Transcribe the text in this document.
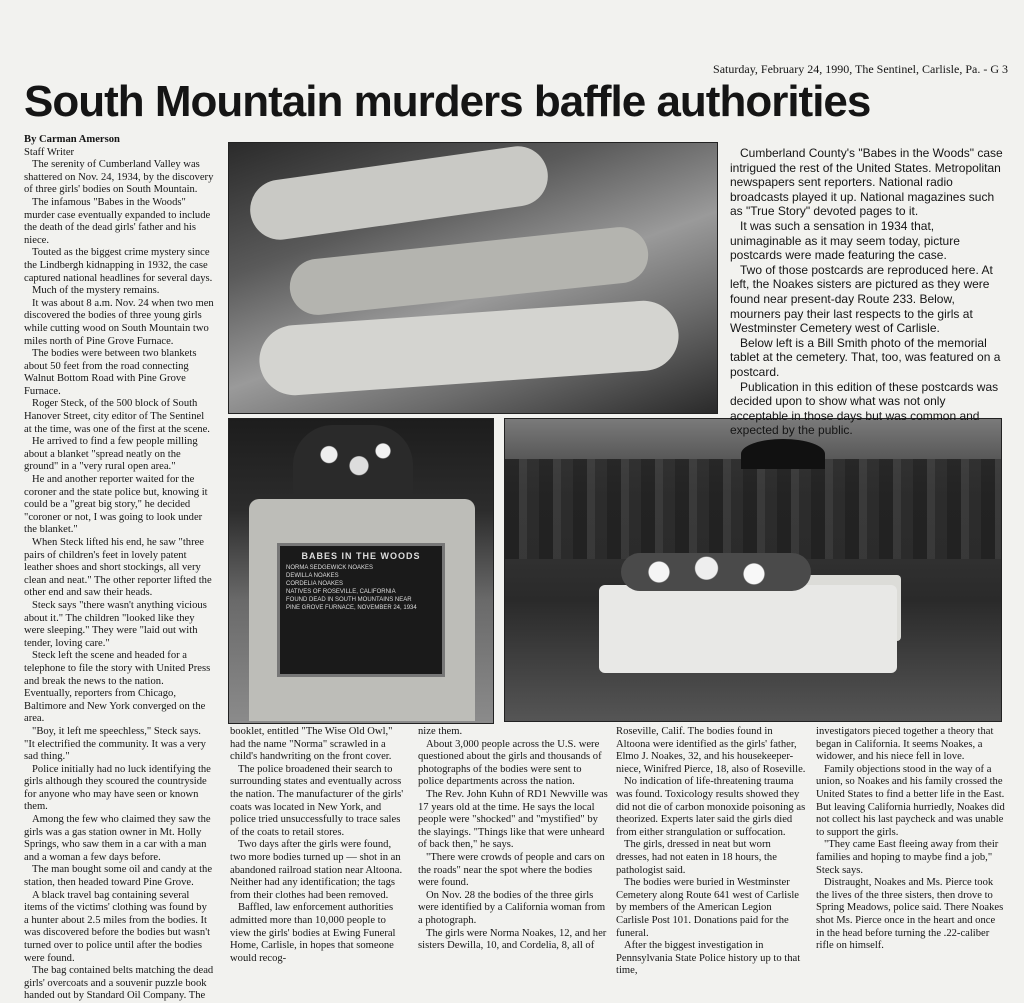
Saturday, February 24, 1990, The Sentinel, Carlisle, Pa. - G 3
South Mountain murders baffle authorities

By Carman Amerson

Staff Writer

The serenity of Cumberland Valley was shattered on Nov. 24, 1934, by the discovery of three girls' bodies on South Mountain.

The infamous "Babes in the Woods" murder case eventually expanded to include the death of the dead girls' father and his niece.

Touted as the biggest crime mystery since the Lindbergh kidnapping in 1932, the case captured national headlines for several days.

Much of the mystery remains.

It was about 8 a.m. Nov. 24 when two men discovered the bodies of three young girls while cutting wood on South Mountain two miles north of Pine Grove Furnace.

The bodies were between two blankets about 50 feet from the road connecting Walnut Bottom Road with Pine Grove Furnace.

Roger Steck, of the 500 block of South Hanover Street, city editor of The Sentinel at the time, was one of the first at the scene.

He arrived to find a few people milling about a blanket "spread neatly on the ground" in a "very rural open area."

He and another reporter waited for the coroner and the state police but, knowing it could be a "great big story," he decided "coroner or not, I was going to look under the blanket."

When Steck lifted his end, he saw "three pairs of children's feet in lovely patent leather shoes and short stockings, all very clean and neat." The other reporter lifted the other end and saw their heads.

Steck says "there wasn't anything vicious about it." The children "looked like they were sleeping." They were "laid out with tender, loving care."

Steck left the scene and headed for a telephone to file the story with United Press and break the news to the nation. Eventually, reporters from Chicago, Baltimore and New York converged on the area.

"Boy, it left me speechless," Steck says. "It electrified the community. It was a very sad thing."

Police initially had no luck identifying the girls although they scoured the countryside for anyone who may have seen or known them.

Among the few who claimed they saw the girls was a gas station owner in Mt. Holly Springs, who saw them in a car with a man and a woman a few days before.

The man bought some oil and candy at the station, then headed toward Pine Grove.

A black travel bag containing several items of the victims' clothing was found by a hunter about 2.5 miles from the bodies. It was discovered before the bodies but wasn't turned over to police until after the bodies were found.

The bag contained belts matching the dead girls' overcoats and a souvenir puzzle book handed out by Standard Oil Company. The

BABES IN THE WOODS
NORMA SEDGEWICK NOAKES
DEWILLA NOAKES
CORDELIA NOAKES
NATIVES OF ROSEVILLE, CALIFORNIA
FOUND DEAD IN SOUTH MOUNTAINS NEAR
PINE GROVE FURNACE, NOVEMBER 24, 1934

Cumberland County's "Babes in the Woods" case intrigued the rest of the United States. Metropolitan newspapers sent reporters. National radio broadcasts played it up. National magazines such as "True Story" devoted pages to it.

It was such a sensation in 1934 that, unimaginable as it may seem today, picture postcards were made featuring the case.

Two of those postcards are reproduced here. At left, the Noakes sisters are pictured as they were found near present-day Route 233. Below, mourners pay their last respects to the girls at Westminster Cemetery west of Carlisle.

Below left is a Bill Smith photo of the memorial tablet at the cemetery. That, too, was featured on a postcard.

Publication in this edition of these postcards was decided upon to show what was not only acceptable in those days but was common and expected by the public.

booklet, entitled "The Wise Old Owl," had the name "Norma" scrawled in a child's handwriting on the front cover.

The police broadened their search to surrounding states and eventually across the nation. The manufacturer of the girls' coats was located in New York, and police tried unsuccessfully to trace sales of the coats to retail stores.

Two days after the girls were found, two more bodies turned up — shot in an abandoned railroad station near Altoona. Neither had any identification; the tags from their clothes had been removed.

Baffled, law enforcement authorities admitted more than 10,000 people to view the girls' bodies at Ewing Funeral Home, Carlisle, in hopes that someone would recog-

nize them.

About 3,000 people across the U.S. were questioned about the girls and thousands of photographs of the bodies were sent to police departments across the nation.

The Rev. John Kuhn of RD1 Newville was 17 years old at the time. He says the local people were "shocked" and "mystified" by the slayings. "Things like that were unheard of back then," he says.

"There were crowds of people and cars on the roads" near the spot where the bodies were found.

On Nov. 28 the bodies of the three girls were identified by a California woman from a photograph.

The girls were Norma Noakes, 12, and her sisters Dewilla, 10, and Cordelia, 8, all of

Roseville, Calif. The bodies found in Altoona were identified as the girls' father, Elmo J. Noakes, 32, and his housekeeper-niece, Winifred Pierce, 18, also of Roseville.

No indication of life-threatening trauma was found. Toxicology results showed they did not die of carbon monoxide poisoning as theorized. Experts later said the girls died from either strangulation or suffocation.

The girls, dressed in neat but worn dresses, had not eaten in 18 hours, the pathologist said.

The bodies were buried in Westminster Cemetery along Route 641 west of Carlisle by members of the American Legion Carlisle Post 101. Donations paid for the funeral.

After the biggest investigation in Pennsylvania State Police history up to that time,

investigators pieced together a theory that began in California. It seems Noakes, a widower, and his niece fell in love.

Family objections stood in the way of a union, so Noakes and his family crossed the United States to find a better life in the East. But leaving California hurriedly, Noakes did not collect his last paycheck and was unable to support the girls.

"They came East fleeing away from their families and hoping to maybe find a job," Steck says.

Distraught, Noakes and Ms. Pierce took the lives of the three sisters, then drove to Spring Meadows, police said. There Noakes shot Ms. Pierce once in the heart and once in the head before turning the .22-caliber rifle on himself.
